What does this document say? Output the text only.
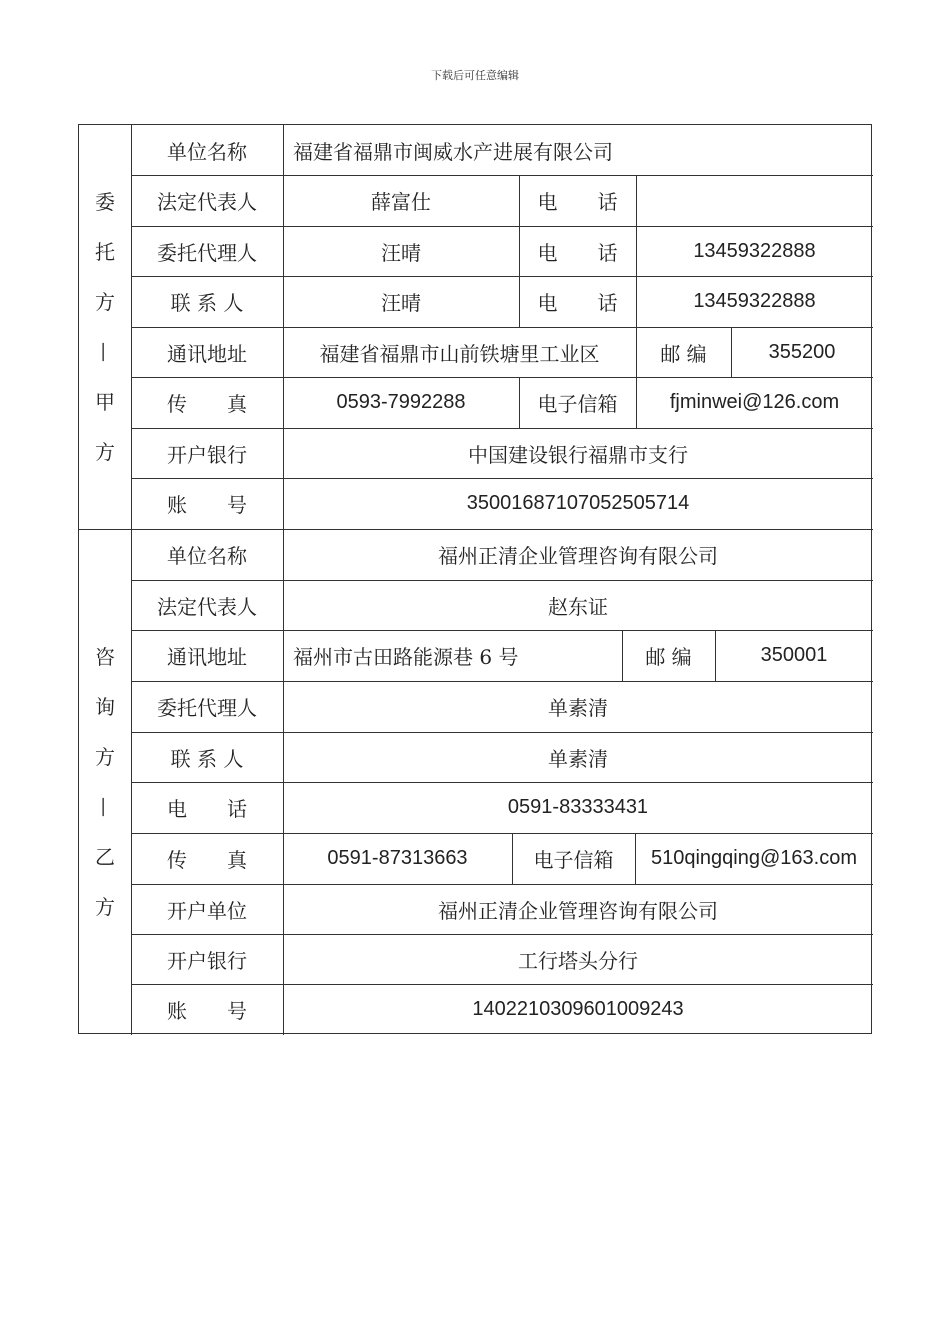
下载后可任意编辑
委
托
方
—
甲
方
单位名称	福建省福鼎市闽威水产进展有限公司
法定代表人	薛富仕	电　　话
委托代理人	汪晴	电　　话	13459322888
联 系 人	汪晴	电　　话	13459322888
通讯地址	福建省福鼎市山前铁塘里工业区	邮 编	355200
传　　真	0593-7992288	电子信箱	fjminwei@126.com
开户银行	中国建设银行福鼎市支行
账　　号	35001687107052505714
咨
询
方
—
乙
方
单位名称	福州正清企业管理咨询有限公司
法定代表人	赵东证
通讯地址	福州市古田路能源巷 6 号	邮 编	350001
委托代理人	单素清
联 系 人	单素清
电　　话	0591-83333431
传　　真	0591-87313663	电子信箱	510qingqing@163.com
开户单位	福州正清企业管理咨询有限公司
开户银行	工行塔头分行
账　　号	1402210309601009243
